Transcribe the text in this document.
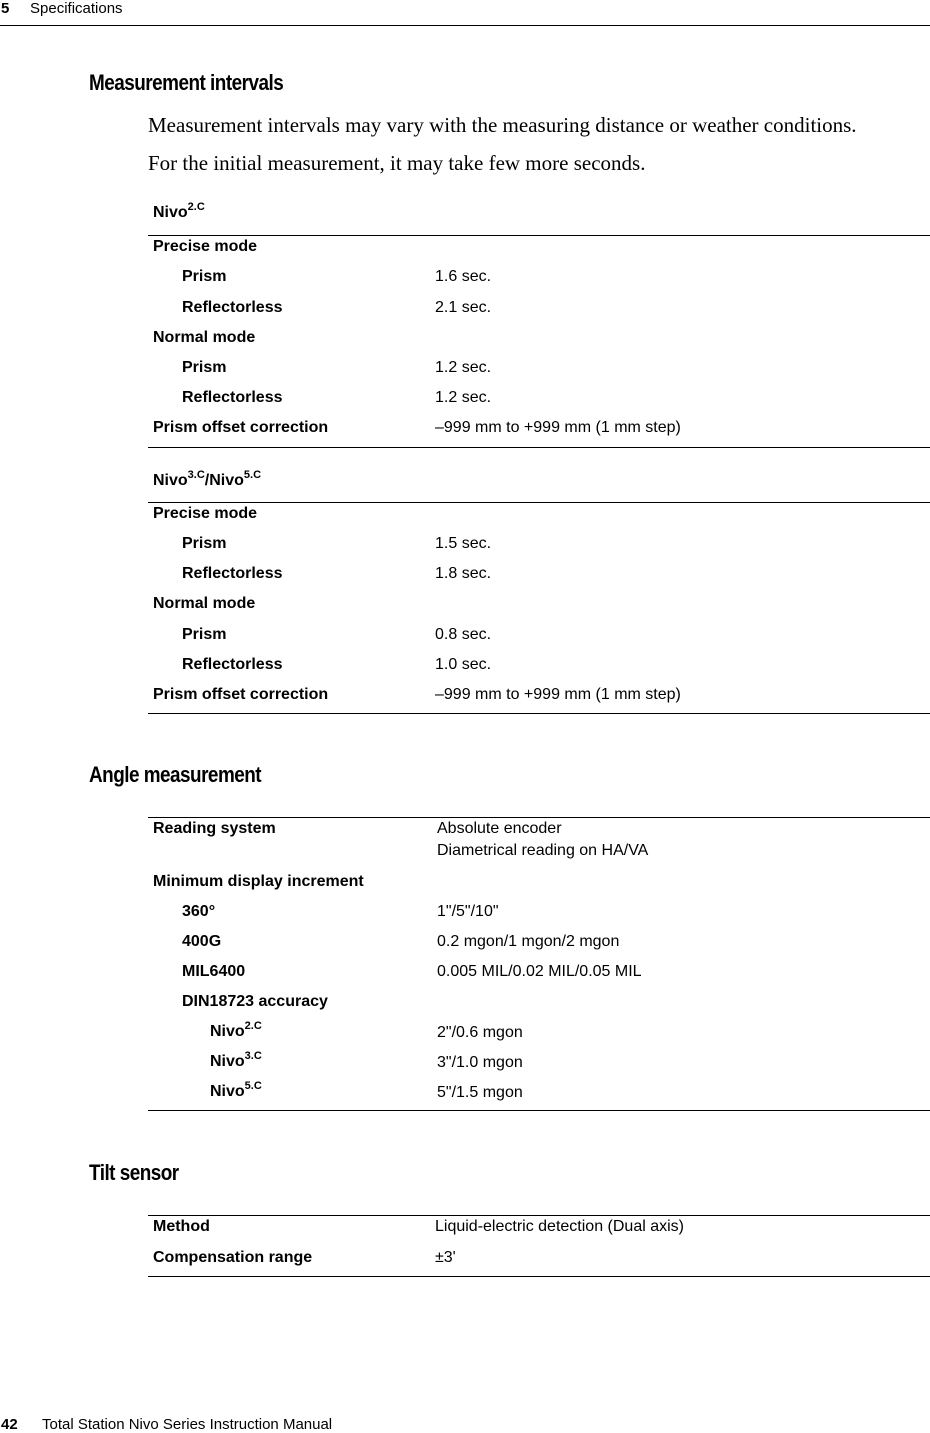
5 Specifications
Measurement intervals

Measurement intervals may vary with the measuring distance or weather conditions.

For the initial measurement, it may take few more seconds.

Nivo$^{2.C}$
Precise mode
Prism	1.6 sec.
Reflectorless	2.1 sec.
Normal mode
Prism	1.2 sec.
Reflectorless	1.2 sec.
Prism offset correction	–999 mm to +999 mm (1 mm step)
Nivo$^{3.C}$/Nivo$^{5.C}$
Precise mode
Prism	1.5 sec.
Reflectorless	1.8 sec.
Normal mode
Prism	0.8 sec.
Reflectorless	1.0 sec.
Prism offset correction	–999 mm to +999 mm (1 mm step)
Angle measurement
Reading system	Absolute encoder
Diametrical reading on HA/VA
Minimum display increment
360°	1"/5"/10"
400G	0.2 mgon/1 mgon/2 mgon
MIL6400	0.005 MIL/0.02 MIL/0.05 MIL
DIN18723 accuracy
Nivo$^{2.C}$	2"/0.6 mgon
Nivo$^{3.C}$	3"/1.0 mgon
Nivo$^{5.C}$	5"/1.5 mgon
Tilt sensor
Method	Liquid-electric detection (Dual axis)
Compensation range	±3'
42 Total Station Nivo Series Instruction Manual
